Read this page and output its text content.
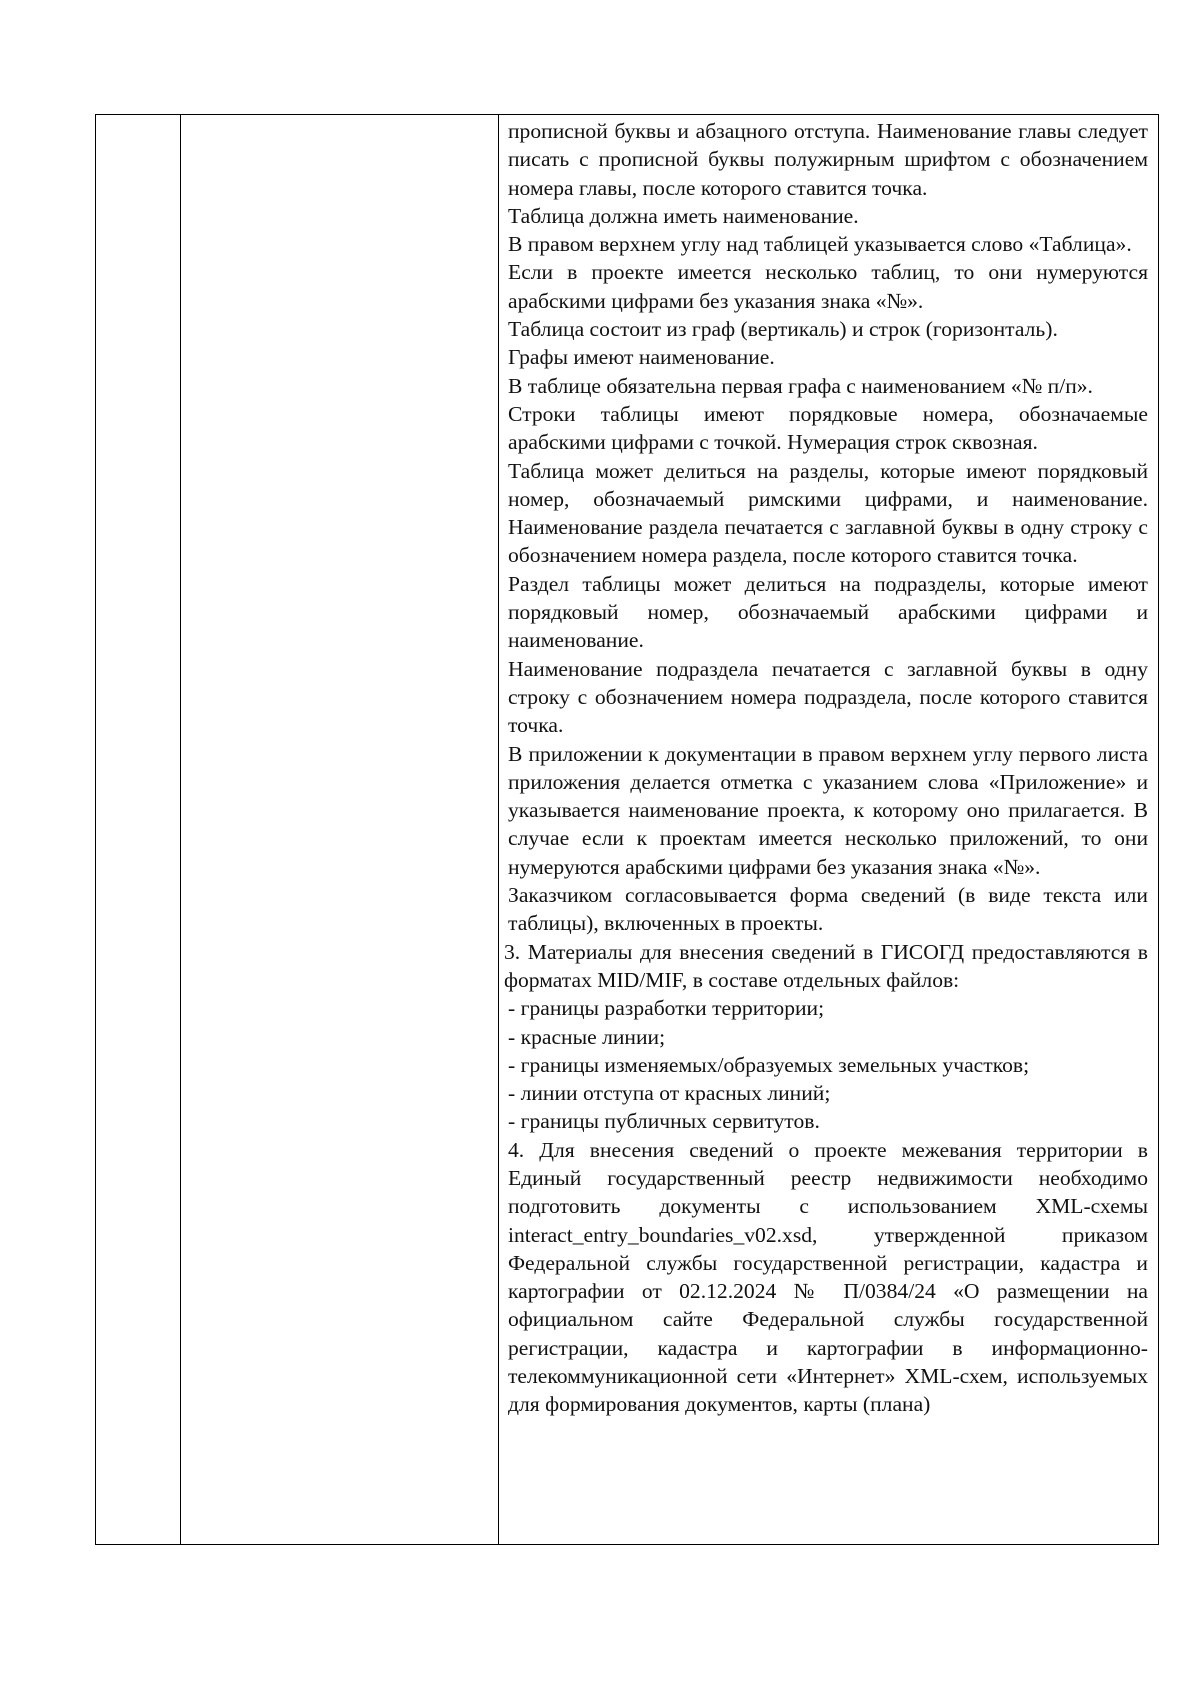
прописной буквы и абзацного отступа. Наименование главы следует писать с прописной буквы полужирным шрифтом с обозначением номера главы, после которого ставится точка.

Таблица должна иметь наименование.

В правом верхнем углу над таблицей указывается слово «Таблица».

Если в проекте имеется несколько таблиц, то они нумеруются арабскими цифрами без указания знака «№».

Таблица состоит из граф (вертикаль) и строк (горизонталь).

Графы имеют наименование.

В таблице обязательна первая графа с наименованием «№ п/п».

Строки таблицы имеют порядковые номера, обозначаемые арабскими цифрами с точкой. Нумерация строк сквозная.

Таблица может делиться на разделы, которые имеют порядковый номер, обозначаемый римскими цифрами, и наименование. Наименование раздела печатается с заглавной буквы в одну строку с обозначением номера раздела, после которого ставится точка.

Раздел таблицы может делиться на подразделы, которые имеют порядковый номер, обозначаемый арабскими цифрами и наименование.

Наименование подраздела печатается с заглавной буквы в одну строку с обозначением номера подраздела, после которого ставится точка.

В приложении к документации в правом верхнем углу первого листа приложения делается отметка с указанием слова «Приложение» и указывается наименование проекта, к которому оно прилагается. В случае если к проектам имеется несколько приложений, то они нумеруются арабскими цифрами без указания знака «№».

Заказчиком согласовывается форма сведений (в виде текста или таблицы), включенных в проекты.

3. Материалы для внесения сведений в ГИСОГД предоставляются в форматах MID/MIF, в составе отдельных файлов:

- границы разработки территории;

- красные линии;

- границы изменяемых/образуемых земельных участков;

- линии отступа от красных линий;

- границы публичных сервитутов.

4. Для внесения сведений о проекте межевания территории в Единый государственный реестр недвижимости необходимо подготовить документы с использованием XML-схемы interact_entry_boundaries_v02.xsd, утвержденной приказом Федеральной службы государственной регистрации, кадастра и картографии от 02.12.2024 № П/0384/24 «О размещении на официальном сайте Федеральной службы государственной регистрации, кадастра и картографии в информационно-телекоммуникационной сети «Интернет» XML-схем, используемых для формирования документов, карты (плана)
